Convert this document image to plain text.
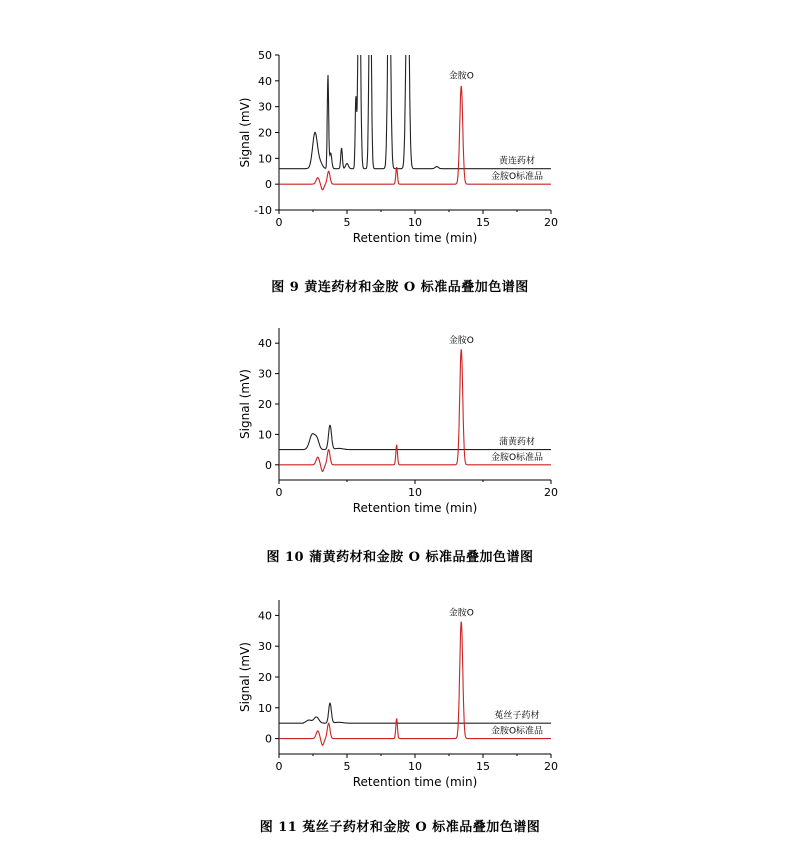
-10
0
10
20
30
40
50
0	5	10	15	20
Retention time (min)
Signal (mV)	黄连药材
金胺O标准品
金胺O
图 9 黄连药材和金胺 O 标准品叠加色谱图
0
10
20
30
40
0	10	20
Retention time (min)
Signal (mV)
蒲黄药材
金胺O标准品
金胺O
图 10 蒲黄药材和金胺 O 标准品叠加色谱图
0
10
20
30
40
0	5	10	15	20
Retention time (min)
Signal (mV)
菟丝子药材
金胺O标准品
金胺O
图 11 菟丝子药材和金胺 O 标准品叠加色谱图
